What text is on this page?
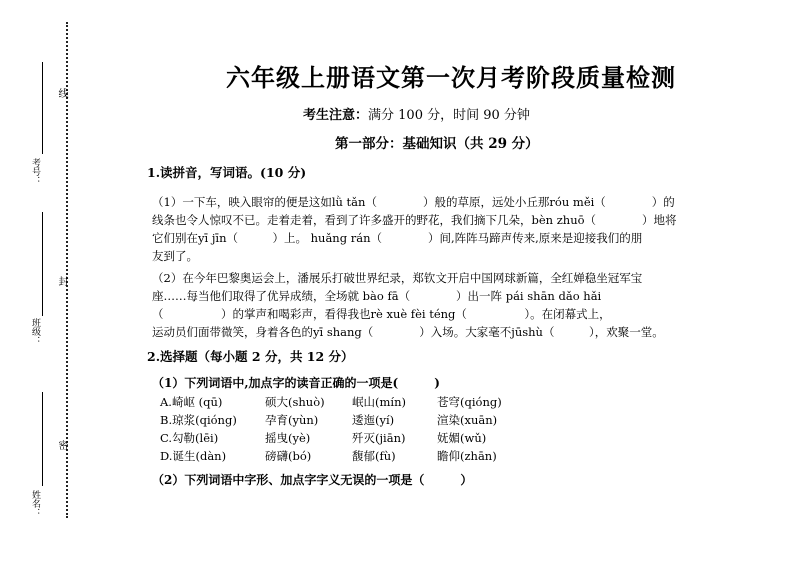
线
封
密
考号：
班级：
姓名：
六年级上册语文第一次月考阶段质量检测
考生注意：满分 100 分，时间 90 分钟
第一部分：基础知识（共 29 分）
1.读拼音，写词语。(10 分)
（1）一下车，映入眼帘的便是这如lǜ tǎn（　　　　）般的草原，远处小丘那róu měi（　　　　）的
线条也令人惊叹不已。走着走着，看到了许多盛开的野花，我们摘下几朵，bèn zhuō（　　　　）地将
它们别在yī jīn（　　　）上。 huǎng rán（　　　　）间,阵阵马蹄声传来,原来是迎接我们的朋
友到了。
（2）在今年巴黎奥运会上，潘展乐打破世界纪录，郑钦文开启中国网球新篇，全红婵稳坐冠军宝
座……每当他们取得了优异成绩，全场就 bào fā（　　　　）出一阵 pái shān dǎo hǎi
（　　　　　）的掌声和喝彩声，看得我也rè xuè fèi téng（　　　　　）。在闭幕式上，
运动员们面带微笑，身着各色的yī shang（　　　　）入场。大家毫不jūshù（　　　），欢聚一堂。
2.选择题（每小题 2 分，共 12 分）
（1）下列词语中,加点字的读音正确的一项是(　　　)
A.崎岖 (qū)	硕大(shuò) 岷山(mín)	苍穹(qióng)
B.琼浆(qióng) 孕育(yùn)	逶迤(yí)	渲染(xuān)
C.勾勒(lēi)	摇曳(yè)	歼灭(jiān)	妩媚(wǔ)
D.诞生(dàn)	磅礴(bó)	馥郁(fù)	瞻仰(zhān)
（2）下列词语中字形、加点字字义无误的一项是（　　　）
